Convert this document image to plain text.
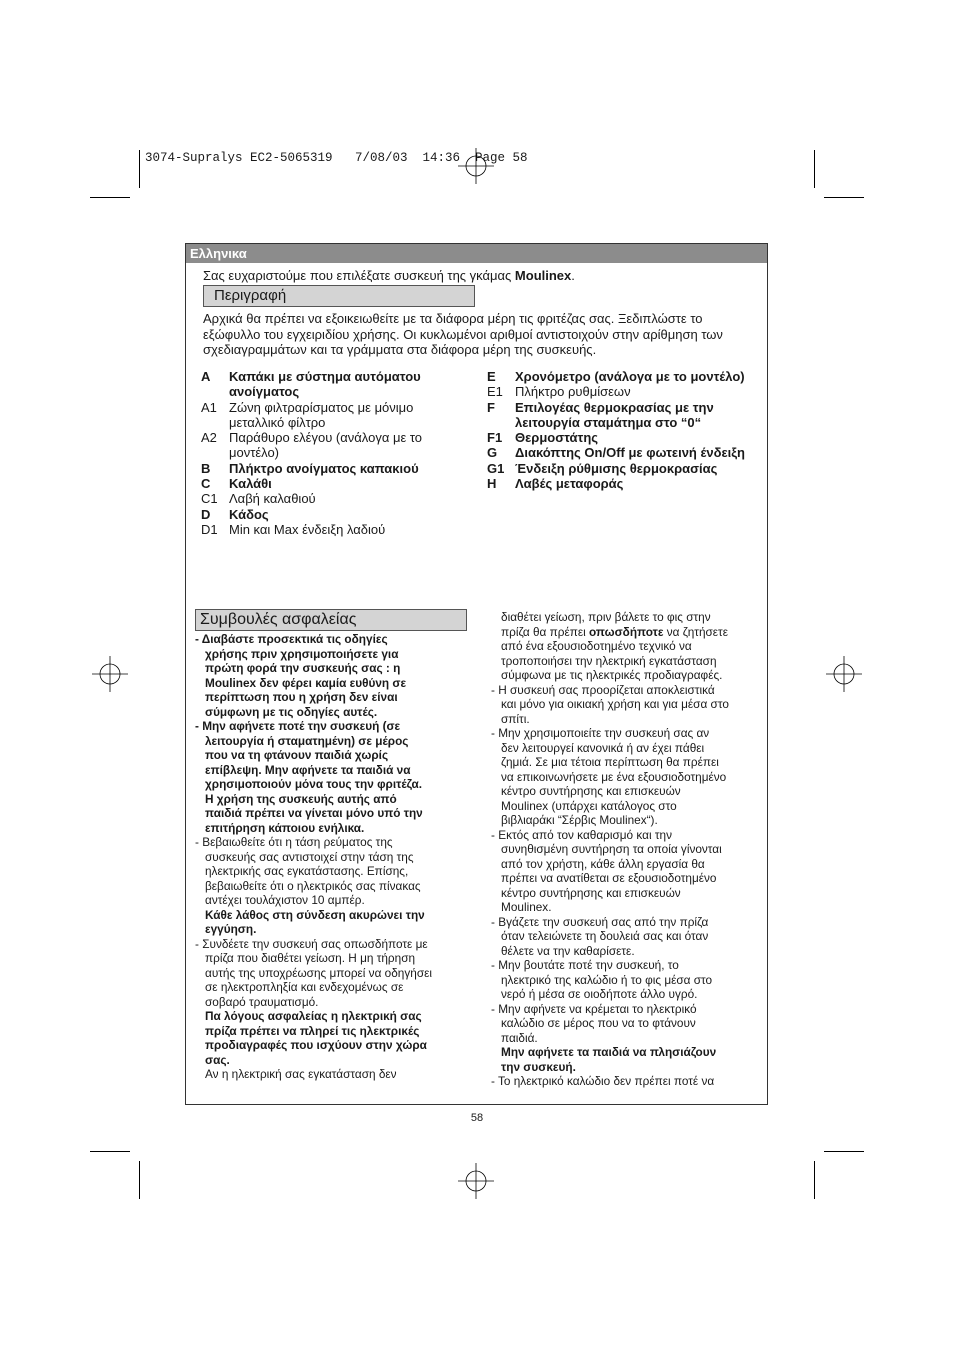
3074-Supralys EC2-5065319   7/08/03  14:36  Page 58
Ελληνικα
Σας ευχαριστούμε που επιλέξατε συσκευή της γκάμας Moulinex.
Περιγραφή
Αρχικά θα πρέπει να εξοικειωθείτε με τα διάφορα μέρη τις φριτέζας σας. Ξεδιπλώστε το εξώφυλλο του εγχειριδίου χρήσης. Οι κυκλωμένοι αριθμοί αντιστοιχούν στην αρίθμηση των σχεδιαγραμμάτων και τα γράμματα στα διάφορα μέρη της συσκευής.
A	Καπάκι με σύστημα αυτόματου ανοίγματος
A1 Ζώνη φιλτραρίσματος με μόνιμο μεταλλικό φίλτρο
A2 Παράθυρο ελέγου (ανάλογα με το μοντέλο)
B	Πλήκτρο ανοίγματος καπακιού
C	Καλάθι
C1 Λαβή καλαθιού
D	Κάδος
D1 Min και Max ένδειξη λαδιού
E	Χρονόμετρο (ανάλογα με το μοντέλο)
E1 Πλήκτρο ρυθμίσεων
F	Επιλογέας θερμοκρασίας με την λειτουργία σταμάτημα στο “0“
F1 Θερμοστάτης
G	Διακόπτης On/Off με φωτεινή ένδειξη
G1 Ένδειξη ρύθμισης θερμοκρασίας
H	Λαβές μεταφοράς
Συμβουλές ασφαλείας

- Διαβάστε προσεκτικά τις οδηγίες

χρήσης πριν χρησιμοποιήσετε για

πρώτη φορά την συσκευής σας : η

Moulinex δεν φέρει καμία ευθύνη σε

περίπτωση που η χρήση δεν είναι

σύμφωνη με τις οδηγίες αυτές.

- Μην αφήνετε ποτέ την συσκευή (σε

λειτουργία ή σταματημένη) σε μέρος

που να τη φτάνουν παιδιά χωρίς

επίβλεψη. Μην αφήνετε τα παιδιά να

χρησιμοποιούν μόνα τους την φριτέζα.

Η χρήση της συσκευής αυτής από

παιδιά πρέπει να γίνεται μόνο υπό την

επιτήρηση κάποιου ενήλικα.

- Βεβαιωθείτε ότι η τάση ρεύματος της

συσκευής σας αντιστοιχεί στην τάση της

ηλεκτρικής σας εγκατάστασης. Επίσης,

βεβαιωθείτε ότι ο ηλεκτρικός σας πίνακας

αντέχει τουλάχιστον 10 αμπέρ.

Κάθε λάθος στη σύνδεση ακυρώνει την

εγγύηση.

- Συνδέετε την συσκευή σας οπωσδήποτε με

πρίζα που διαθέτει γείωση. Η μη τήρηση

αυτής της υποχρέωσης μπορεί να οδηγήσει

σε ηλεκτροπληξία και ενδεχομένως σε

σοβαρό τραυματισμό.

Πα λόγους ασφαλείας η ηλεκτρική σας

πρίζα πρέπει να πληρεί τις ηλεκτρικές

προδιαγραφές που ισχύουν στην χώρα

σας.

Αν η ηλεκτρική σας εγκατάσταση δεν

διαθέτει γείωση, πριν βάλετε το φις στην

πρίζα θα πρέπει οπωσδήποτε να ζητήσετε

από ένα εξουσιοδοτημένο τεχνικό να

τροποποιήσει την ηλεκτρική εγκατάσταση

σύμφωνα με τις ηλεκτρικές προδιαγραφές.

- Η συσκευή σας προορίζεται αποκλειστικά

και μόνο για οικιακή χρήση και για μέσα στο

σπίτι.

- Μην χρησιμοποιείτε την συσκευή σας αν

δεν λειτουργεί κανονικά ή αν έχει πάθει

ζημιά. Σε μια τέτοια περίπτωση θα πρέπει

να επικοινωνήσετε με ένα εξουσιοδοτημένο

κέντρο συντήρησης και επισκευών

Moulinex (υπάρχει κατάλογος στο

βιβλιαράκι “Σέρβις Moulinex“).

- Εκτός από τον καθαρισμό και την

συνηθισμένη συντήρηση τα οποία γίνονται

από τον χρήστη, κάθε άλλη εργασία θα

πρέπει να ανατίθεται σε εξουσιοδοτημένο

κέντρο συντήρησης και επισκευών

Moulinex.

- Βγάζετε την συσκευή σας από την πρίζα

όταν τελειώνετε τη δουλειά σας και όταν

θέλετε να την καθαρίσετε.

- Μην βουτάτε ποτέ την συσκευή, το

ηλεκτρικό της καλώδιο ή το φις μέσα στο

νερό ή μέσα σε οιοδήποτε άλλο υγρό.

- Μην αφήνετε να κρέμεται το ηλεκτρικό

καλώδιο σε μέρος που να το φτάνουν

παιδιά.

Μην αφήνετε τα παιδιά να πλησιάζουν

την συσκευή.

- Το ηλεκτρικό καλώδιο δεν πρέπει ποτέ να

58
